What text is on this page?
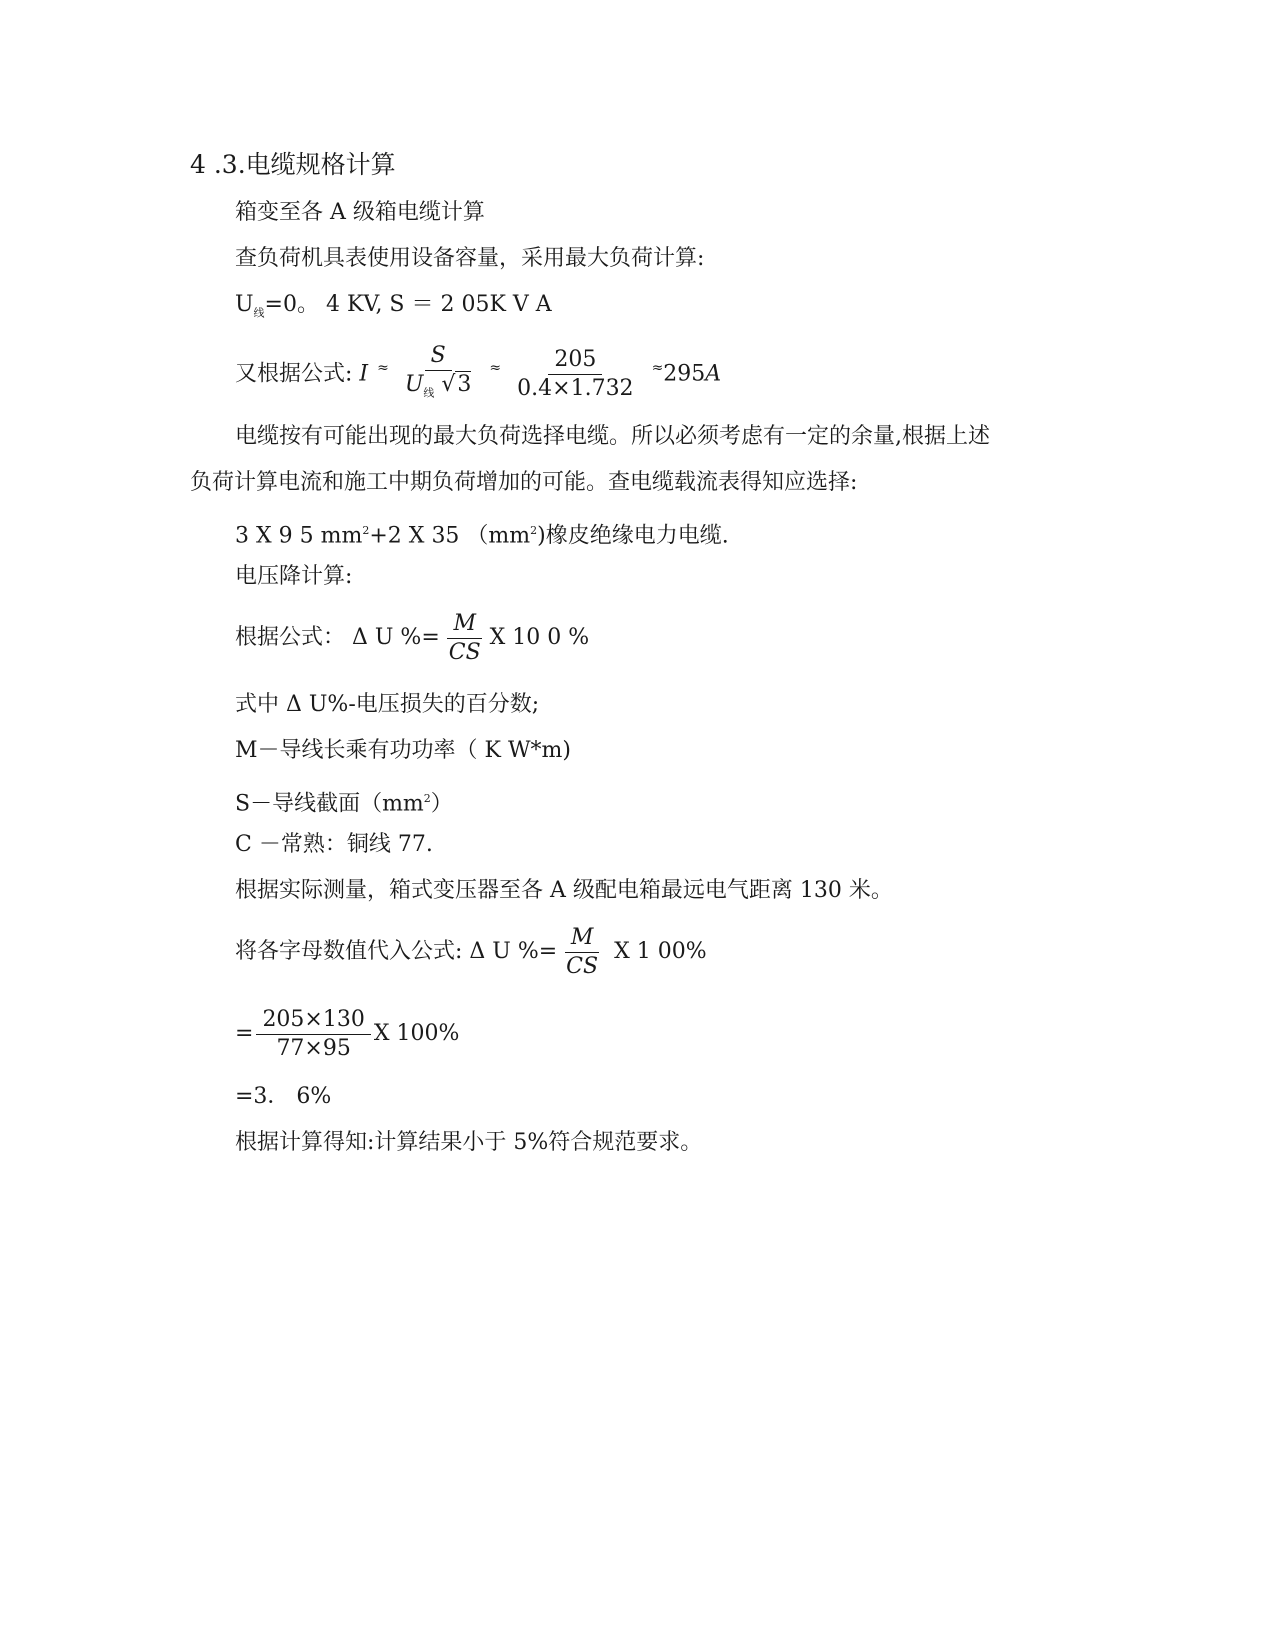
4 .3.电缆规格计算
箱变至各 A 级箱电缆计算
查负荷机具表使用设备容量，采用最大负荷计算:
$U_线=0$。 4 KV, S ＝ 2 05K V A
又根据公式: I $^\approx \frac{S}{U_线 √3} ^\approx \frac{205}{0.4\times 1.732} ^\approx 295A$
电缆按有可能出现的最大负荷选择电缆。所以必须考虑有一定的余量,根据上述
负荷计算电流和施工中期负荷增加的可能。查电缆载流表得知应选择:
3 X 9 5 $mm^2+2$ X 35 $(mm^2)$橡皮绝缘电力电缆.
电压降计算:
根据公式： Δ U %= $\frac{M}{CS}$ X 10 0 %
式中 Δ U%-电压损失的百分数;
M－导线长乘有功功率（ K W*m)
S－导线截面$(mm^2)$
C －常熟：铜线 77.
根据实际测量，箱式变压器至各 A 级配电箱最远电气距离 130 米。
将各字母数值代入公式: Δ U %= $\frac{M}{CS}$ X 1 00%
= $\frac{205\times 130}{77\times 95}$ X 100%
=3． 6%
根据计算得知:计算结果小于 5%符合规范要求。
